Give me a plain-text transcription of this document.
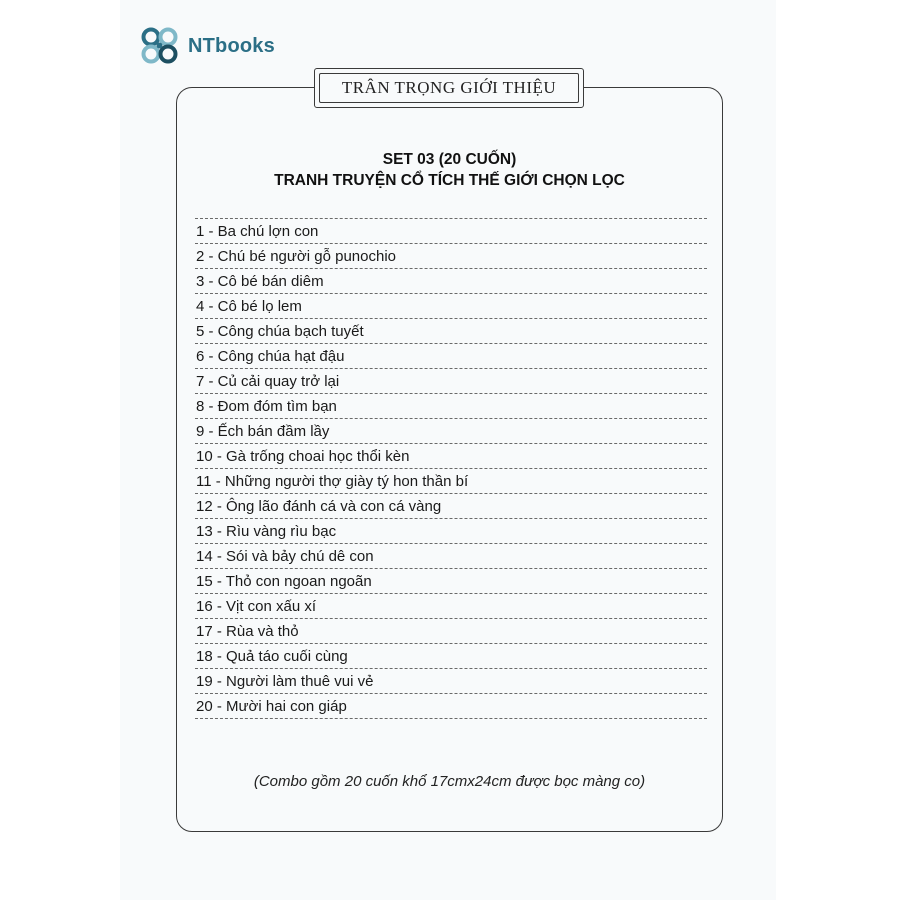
NTbooks
TRÂN TRỌNG GIỚI THIỆU
SET 03 (20 CUỐN)
TRANH TRUYỆN CỔ TÍCH THẾ GIỚI CHỌN LỌC
1 - Ba chú lợn con
2 - Chú bé người gỗ punochio
3 - Cô bé bán diêm
4 - Cô bé lọ lem
5 - Công chúa bạch tuyết
6 - Công chúa hạt đậu
7 - Củ cải quay trở lại
8 - Đom đóm tìm bạn
9 - Ếch bán đầm lầy
10 - Gà trống choai học thổi kèn
11 - Những người thợ giày tý hon thần bí
12 - Ông lão đánh cá và con cá vàng
13 - Rìu vàng rìu bạc
14 - Sói và bảy chú dê con
15 - Thỏ con ngoan ngoãn
16 - Vịt con xấu xí
17 - Rùa và thỏ
18 - Quả táo cuối cùng
19 - Người làm thuê vui vẻ
20 - Mười hai con giáp
(Combo gồm 20 cuốn khổ 17cmx24cm được bọc màng co)
